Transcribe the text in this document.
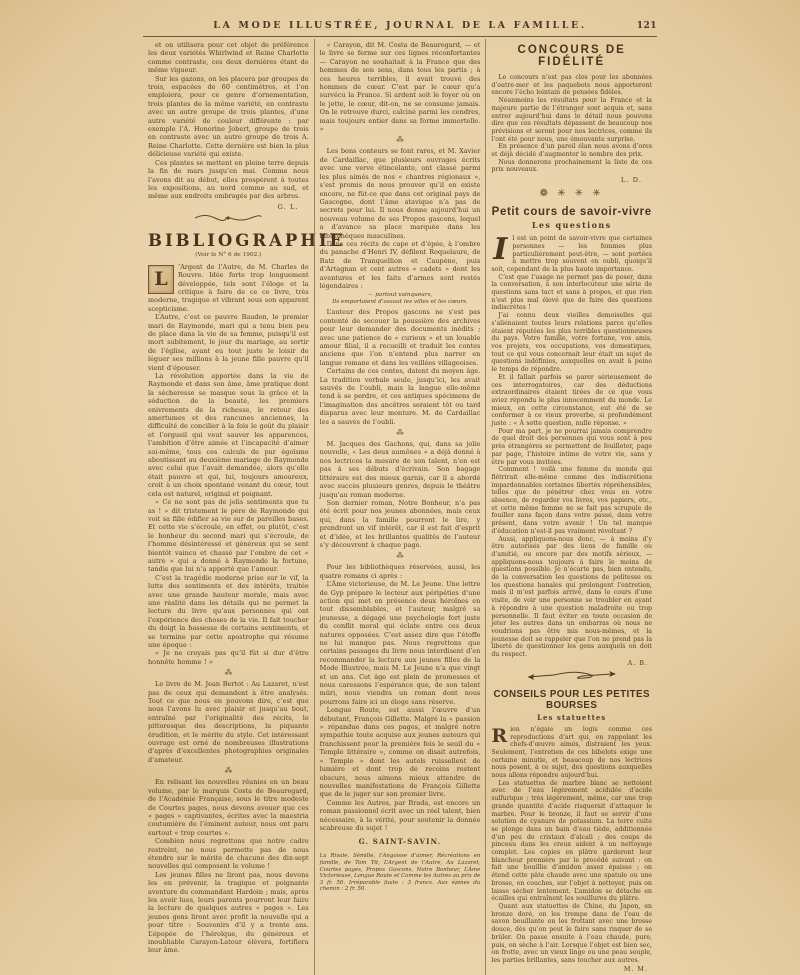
LA MODE ILLUSTRÉE, JOURNAL DE LA FAMILLE.	121

et on utilisera pour cet objet de préférence les deux variétés Whirlwind et Reine Charlotte comme contraste, ces deux dernières étant de même vigueur.

Sur les gazons, on les placera par groupes de trois, espacées de 60 centimètres, et l’on emploiera, pour ce genre d’ornementation, trois plantes de la même variété, en contraste avec un autre groupe de trois plantes, d’une autre variété de couleur différente : par exemple l’A. Honorine Jobert, groupe de trois en contraste avec un autre groupe de trois A. Reine Charlotte. Cette dernière est bien la plus délicieuse variété qui existe.

Ces plantes se mettent en pleine terre depuis la fin de mars jusqu’en mai. Comme nous l’avons dit au début, elles prospèrent à toutes les expositions, au nord comme au sud, et même aux endroits ombragés par des arbres.

G. L.
BIBLIOGRAPHIE
(Voir le N° 6 de 1902.)

L
’Argent de l’Autre, de M. Charles de Rouvre. Idée forte trop longuement développée, tels sont l’éloge et la critique à faire de ce ce livre, très moderne, tragique et vibrant sous son apparent scepticisme.

L’Autre, c’est ce pauvre Baudon, le premier mari de Raymonde, mari qui a tenu bien peu de place dans la vie de sa femme, puisqu’il est mort subitement, le jour du mariage, au sortir de l’église, ayant eu tout juste le loisir de léguer ses millions à la jeune fille pauvre qu’il vient d’épouser.

La révolution apportée dans la vie de Raymonde et dans son âme, âme pratique dont la sécheresse se masque sous la grâce et la séduction de la beauté, les premiers enivrements de la richesse, le retour des amertumes et des rancunes anciennes, la difficulté de concilier à la fois le goût du plaisir et l’orgueil qui veut sauver les apparences, l’ambition d’être aimée et l’incapacité d’aimer soi-même, tous ces calculs de pur égoïsme aboutissant au deuxième mariage de Raymonde avec celui que l’avait demandée, alors qu’elle était pauvre et qui, lui, toujours amoureux, croit à un choix spontané venant du cœur, tout cela est naturel, original et poignant.

« Ce ne sont pas de jolis sentiments que tu as ! » dit tristement le père de Raymonde qui voit sa fille édifier sa vie sur de pareilles bases. Et cette vie s’écroule, en effet, ou plutôt, c’est le bonheur du second mari qui s’écroule, de l’homme désintéressé et généreux qui se sent bientôt vaincu et chassé par l’ombre de cet « autre » qui a donné à Raymonde la fortune, tandis que lui n’a apporté que l’amour.

C’est la tragédie moderne prise sur le vif, la lutte des sentiments et des intérêts, traitée avec une grande hauteur morale, mais avec une réalité dans les détails qui ne permet la lecture du livre qu’aux personnes qui ont l’expérience des choses de la vie. Il fait toucher du doigt la bassesse de certains sentiments, et se termine par cette apostrophe qui résume une époque :

« Je ne croyais pas qu’il fût si dur d’être honnête homme ! »

⁂

Le livre de M. Jean Bertot : Au Lazaret, n’est pas de ceux qui demandent à être analysés. Tout ce que nous en pouvons dire, c’est que nous l’avons lu avec plaisir et jusqu’au bout, entraîné par l’originalité des récits, le pittoresque des descriptions, la piquante érudition, et le mérite du style. Cet intéressant ouvrage est orné de nombreuses illustrations d’après d’excellentes photographies originales d’amateur.

⁂

En relisant les nouvelles réunies en un beau volume, par le marquis Costa de Beauregard, de l’Académie Française, sous le titre modeste de Courtes pages, nous devons avouer que ces « pages » captivantes, écrites avec la maestria coutumière de l’éminent auteur, nous ont paru surtout « trop courtes ».

Combien nous regrettons que notre cadre restreint, ne nous permette pas de nous étendre sur le mérite de chacune des dix-sept nouvelles qui composent le volume !

Les jeunes filles ne liront pas, nous devons les en prévenir, la tragique et poignante aventure du commandant Hardoin ; mais, après les avoir lues, leurs parents pourront leur faire la lecture de quelques autres « pages ». Les jeunes gens liront avec profit la nouvelle qui a pour titre : Souvenirs d’il y a trente ans. L’épopée de l’héroïque, du généreux et inoubliable Carayon-Latour élèvera, fortifiera leur âme.

« Carayon, dit M. Costa de Beauregard, — et le livre se ferme sur ces lignes réconfortantes — Carayon ne souhaitait à la France que des hommes de son sens, dans tous les partis ; à ces heures terribles, il avait trouvé des hommes de cœur. C’est par le cœur qu’a survécu la France. Si ardent soit le foyer où on le jette, le cœur, dit-on, ne se consume jamais. On le retrouve durci, calciné parmi les cendres, mais toujours entier dans sa forme immortelle. »

⁂

Les bons conteurs se font rares, et M. Xavier de Cardaillac, que plusieurs ouvrages écrits avec une verve étincelante, ont classé parmi les plus aimés de nos « chantres régionaux », s’est promis de nous prouver qu’il en existe encore, ne fût-ce que dans cet original pays de Gascogne, dont l’âme atavique n’a pas de secrets pour lui. Il nous donne aujourd’hui un nouveau volume de ses Propos gascons, lequel a d’avance sa place marquée dans les bibliothèques masculines.

Dans ces récits de cape et d’épée, à l’ombre du panache d’Henri IV, défilent Roquelaure, de Batz de Tranquellion et Caupène, puis d’Artagnan et cent autres « cadets » dont les aventures et les faits d’armes sont restés légendaires :

— partout vainqueurs,
Ils emportaient d’assaut les villes et les cœurs.

L’auteur des Propos gascons ne s’est pas contenté de secouer la poussière des archives pour leur demander des documents inédits ; avec une patience de « curieux » et un louable amour filial, il a recueilli et traduit les contes anciens que l’on n’entend plus narrer en langue romane et dans les veillées villageoises.

Certains de ces contes, datent du moyen âge. La tradition verbale seule, jusqu’ici, les avait sauvés de l’oubli, mais la langue elle-même tend à se perdre, et ces antiques spécimens de l’imagination des ancêtres seraient tôt ou tard disparus avec leur monture. M. de Cardaillac les a sauvés de l’oubli.

⁂

M. Jacques des Gachons, qui, dans sa jolie nouvelle, « Les deux aumônes » a déjà donné à nos lectrices la mesure de son talent, n’en est pas à ses débuts d’écrivain. Son bagage littéraire est des mieux garnis, car il a abordé avec succès plusieurs genres, depuis le théâtre jusqu’au roman moderne.

Son dernier roman, Notre Bonheur, n’a pas été écrit pour nos jeunes abonnées, mais ceux qui, dans la famille pourront le lire, y prendront un vif intérêt, car il est fait d’esprit et d’idée, et les brillantes qualités de l’auteur s’y découvrent à chaque page.

⁂

Pour les bibliothèques réservées, aussi, les quatre romans ci après :

L’Âme victorieuse, de M. Le Jeune. Une lettre de Gyp prépare le lecteur aux péripéties d’une action qui met en présence deux héroïnes en tout dissemblables, et l’auteur, malgré sa jeunesse, a dégagé une psychologie fort juste du conflit moral qui éclate entre ces deux natures opposées. C’est assez dire que l’étoffe ne lui manque pas. Nous regrettons que certains passages du livre nous interdisent d’en recommander la lecture aux jeunes filles de la Mode Illustrée, mais M. Le Jeune n’a que vingt et un ans. Cet âge est plein de promesses et nous caressons l’espérance que, de son talent mûri, nous viendra un roman dont nous pourrons faire ici un éloge sans réserve.

Longue Route, est aussi l’œuvre d’un débutant, François Gillette. Malgré la « passion » répandue dans ces pages, et malgré notre sympathie toute acquise aux jeunes auteurs qui franchissent pour la première fois le seuil du « Temple littéraire », comme on disait autrefois, « Temple » dont les autels ruissellent de lumière et dont trop de recoins restent obscurs, nous aimons mieux attendre de nouvelles manifestations de François Gillette que de le juger sur son premier livre.

Comme les Autres, par Brada, est encore un roman passionnel écrit avec un réel talent, bien nécessaire, à la vérité, pour soutenir la donnée scabreuse du sujet !

G. SAINT-SAVIN.

La Rivale, Sémille, l’Angoisse d’aimer, Récréations en famille, de Tom Tit, L’Argent de l’Autre, Au Lazaret, Courtes pages, Propos Gascons, Notre Bonheur, L’Âme Victorieuse, Longue Route et Comme les Autres au prix de 3 fr. 50. Irréparable faute : 3 francs. Aux épines du chemin : 2 fr. 50.

CONCOURS DE FIDÉLITÉ

Le concours n’est pas clos pour les abonnées d’outre-mer et les paquebots nous apporteront encore l’écho lointain de pensées fidèles.

Néanmoins les résultats pour la France et la majeure partie de l’étranger sont acquis et, sans entrer aujourd’hui dans le détail nous pouvons dire que ces résultats dépassent de beaucoup nos prévisions et seront pour nos lectrices, comme ils l’ont été pour nous, une émouvante surprise.

En présence d’un pareil élan nous avons d’ores et déjà décidé d’augmenter le nombre des prix.

Nous donnerons prochainement la liste de ces prix nouveaux.

L. D.
❁ ✳ ✳ ✳
Petit cours de savoir-vivre
Les questions

I l est un point de savoir-vivre que certaines personnes — les femmes plus particulièrement peut-être, — sont portées à mettre trop souvent en oubli, quoiqu’il soit, cependant de la plus haute importance.

C’est que l’usage ne permet pas de poser, dans la conversation, à son interlocuteur une série de questions sans tact et sans à propos, et que rien n’est plus mal élevé que de faire des questions indiscrètes !

J’ai connu deux vieilles demoiselles qui s’aliénaient toutes leurs relations parce qu’elles étaient réputées les plus terribles questionneuses du pays. Votre famille, votre fortune, vos amis, vos projets, vos occupations, vos domestiques, tout ce qui vous concernait leur était un sujet de questions indéfinies, auxquelles on avait à peine le temps de répondre.

Et il fallait parfois se parer sérieusement de ces interrogatoires, car des déductions extraordinaires étaient tirées de ce que vous aviez répondu le plus innocemment du monde. Le mieux, en cette circonstance, eut été de se conformer à ce vieux proverbe, si profondément juste : « À sotte question, nulle réponse. »

Pour ma part, je ne pourrai jamais comprendre de quel droit des personnes qui vous sont à peu près étrangères se permettent de feuilleter, page par page, l’histoire intime de votre vie, sans y être par vous invitées.

Comment ! voilà une femme du monde qui flétrirait elle-même comme des indiscrétions impardonnables certaines libertés répréhensibles, telles que de pénétrer chez vous en votre absence, de regarder vos livres, vos papiers, etc., et cette même femme ne se fait pas scrupule de fouiller sans façon dans votre passé, dans votre présent, dans votre avenir ! Un tel manque d’éducation n’est-il pas vraiment révoltant ?

Aussi, appliquons-nous donc, — à moins d’y être autorisés par des liens de famille ou d’amitié, ou encore par des motifs sérieux, — appliquons-nous toujours à faire le moins de questions possible. Je n’écarte pas, bien entendu, de la conversation les questions de politesse ou les questions banales qui prolongent l’entretien, mais il m’est parfois arrivé, dans le cours d’une visite, de voir une personne se troubler en ayant à répondre à une question maladroite ou trop personnelle. Il faut éviter en toute occasion de jeter les autres dans un embarras où nous ne voudrions pas être mis nous-mêmes, et la jeunesse doit se rappeler que l’on ne prend pas la liberté de questionner les gens auxquels on doit du respect.

A. B.
CONSEILS POUR LES PETITES BOURSES
Les statuettes

R ien n’égaie un logis comme ces reproductions d’art qui, en rappelant les chefs-d’œuvre aimés, distraient les yeux. Seulement, l’entretien de ces bibelots exige une certaine minutie, et beaucoup de nos lectrices nous posent, à ce sujet, des questions auxquelles nous allons répondre aujourd’hui.

Les statuettes de marbre blanc se nettoient avec de l’eau légèrement acidulée d’acide sulfurique ; très légèrement, même, car une trop grande quantité d’acide risquerait d’attaquer le marbre. Pour le bronze, il faut se servir d’une solution de cyanure de potassium. La terre cuite se plonge dans un bain d’eau tiède, additionnée d’un peu de cristaux d’alcali ; des coups de pinceau dans les creux aident à un nettoyage complet. Les copies en plâtre garderont leur blancheur première par le procédé suivant : on fait une bouillie d’amidon assez épaisse ; on étend cette pâte chaude avec une spatule ou une brosse, en couches, sur l’objet à nettoyer, puis on laisse sécher lentement. L’amidon se détache en écailles qui entraînent les souillures du plâtre.

Quant aux statuettes de Chine, du Japon, en bronze doré, on les trempe dans de l’eau de savon bouillante en les frottant avec une brosse douce, dès qu’on peut le faire sans risquer de se brûler. On passe ensuite à l’eau chaude, pure, puis, on sèche à l’air. Lorsque l’objet est bien sec, on frotte, avec un vieux linge ou une peau souple, les parties brillantes, sans toucher aux autres.

M. M.
